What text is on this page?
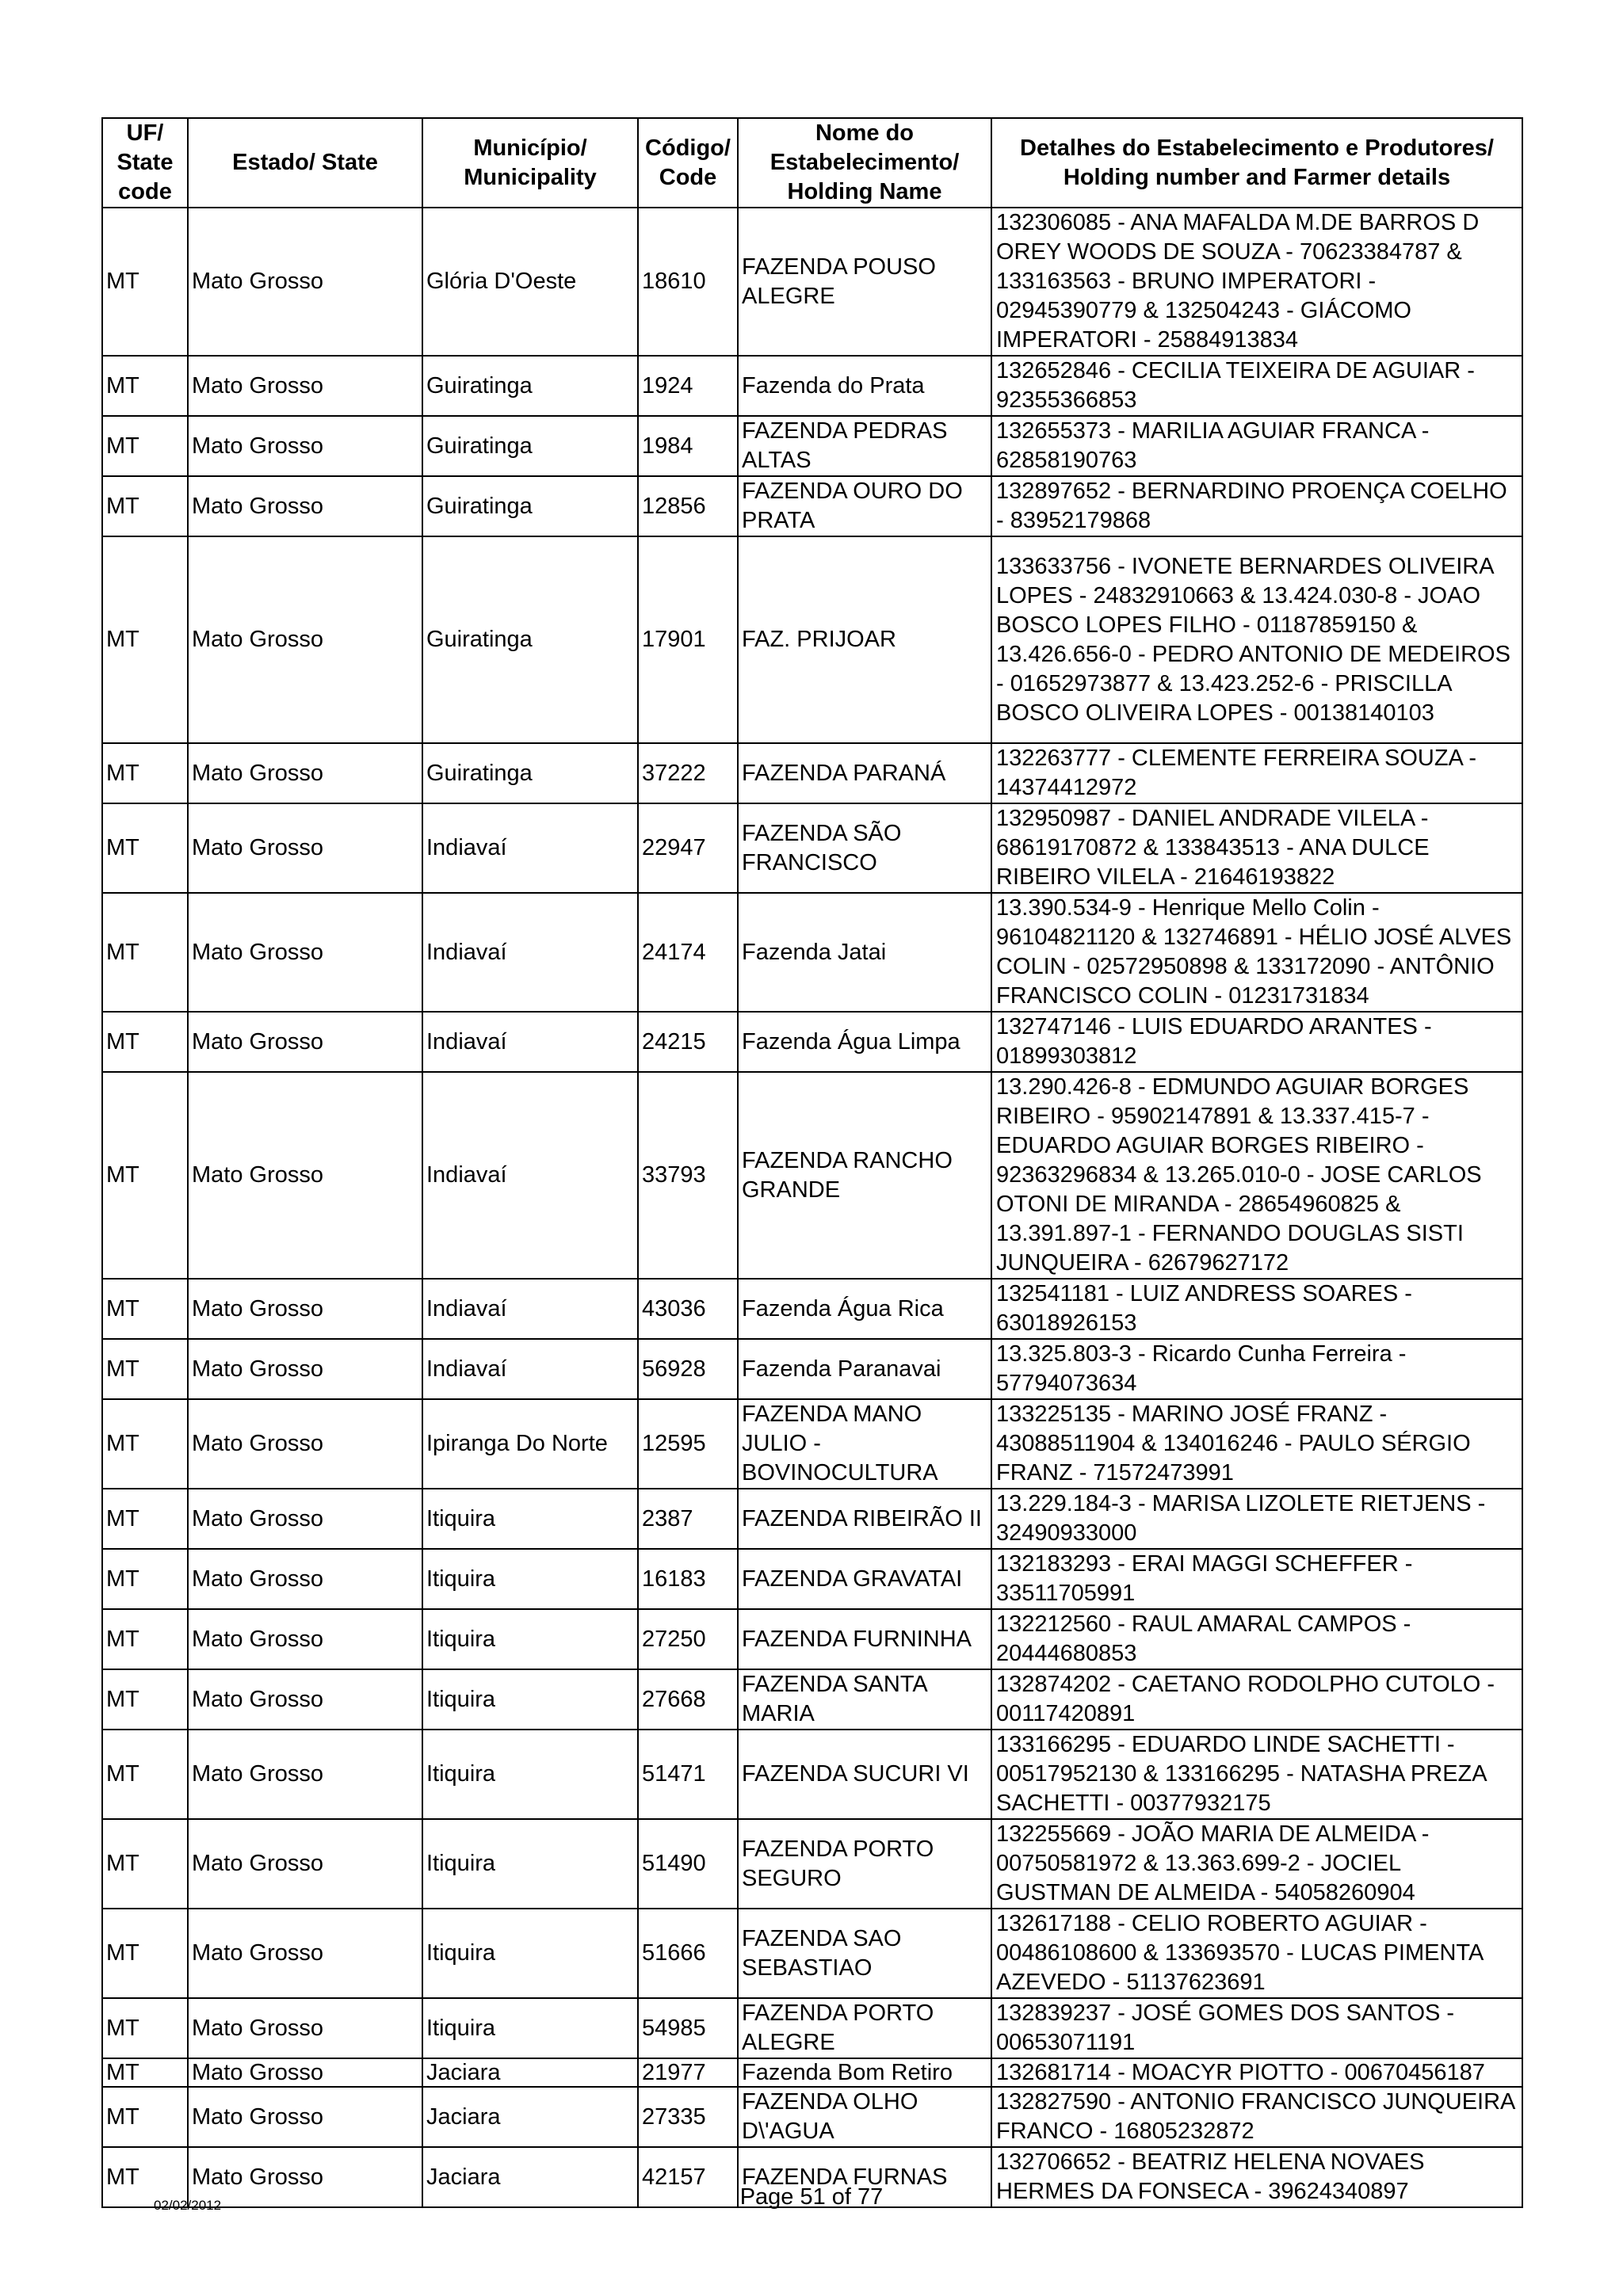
UF/ State code	Estado/ State	Município/ Municipality	Código/ Code	Nome do Estabelecimento/ Holding Name	Detalhes do Estabelecimento e Produtores/ Holding number and Farmer details
MT	Mato Grosso	Glória D'Oeste	18610	FAZENDA POUSO ALEGRE	132306085 - ANA MAFALDA M.DE BARROS D OREY WOODS DE SOUZA - 70623384787 & 133163563 - BRUNO IMPERATORI - 02945390779 & 132504243 - GIÁCOMO IMPERATORI - 25884913834
MT	Mato Grosso	Guiratinga	1924	Fazenda do Prata	132652846 - CECILIA TEIXEIRA DE AGUIAR - 92355366853
MT	Mato Grosso	Guiratinga	1984	FAZENDA PEDRAS ALTAS	132655373 - MARILIA AGUIAR FRANCA - 62858190763
MT	Mato Grosso	Guiratinga	12856	FAZENDA OURO DO PRATA	132897652 - BERNARDINO PROENÇA COELHO - 83952179868
MT	Mato Grosso	Guiratinga	17901	FAZ. PRIJOAR	133633756 - IVONETE BERNARDES OLIVEIRA LOPES - 24832910663 & 13.424.030-8 - JOAO BOSCO LOPES FILHO - 01187859150 & 13.426.656-0 - PEDRO ANTONIO DE MEDEIROS - 01652973877 & 13.423.252-6 - PRISCILLA BOSCO OLIVEIRA LOPES - 00138140103
MT	Mato Grosso	Guiratinga	37222	FAZENDA PARANÁ	132263777 - CLEMENTE FERREIRA SOUZA - 14374412972
MT	Mato Grosso	Indiavaí	22947	FAZENDA SÃO FRANCISCO	132950987 - DANIEL ANDRADE VILELA - 68619170872 & 133843513 - ANA DULCE RIBEIRO VILELA - 21646193822
MT	Mato Grosso	Indiavaí	24174	Fazenda Jatai	13.390.534-9 - Henrique Mello Colin - 96104821120 & 132746891 - HÉLIO JOSÉ ALVES COLIN - 02572950898 & 133172090 - ANTÔNIO FRANCISCO COLIN - 01231731834
MT	Mato Grosso	Indiavaí	24215	Fazenda Água Limpa	132747146 - LUIS EDUARDO ARANTES - 01899303812
MT	Mato Grosso	Indiavaí	33793	FAZENDA RANCHO GRANDE	13.290.426-8 - EDMUNDO AGUIAR BORGES RIBEIRO - 95902147891 & 13.337.415-7 - EDUARDO AGUIAR BORGES RIBEIRO - 92363296834 & 13.265.010-0 - JOSE CARLOS OTONI DE MIRANDA - 28654960825 & 13.391.897-1 - FERNANDO DOUGLAS SISTI JUNQUEIRA - 62679627172
MT	Mato Grosso	Indiavaí	43036	Fazenda Água Rica	132541181 - LUIZ ANDRESS SOARES - 63018926153
MT	Mato Grosso	Indiavaí	56928	Fazenda Paranavai	13.325.803-3 - Ricardo Cunha Ferreira - 57794073634
MT	Mato Grosso	Ipiranga Do Norte	12595	FAZENDA MANO JULIO - BOVINOCULTURA	133225135 - MARINO JOSÉ FRANZ - 43088511904 & 134016246 - PAULO SÉRGIO FRANZ - 71572473991
MT	Mato Grosso	Itiquira	2387	FAZENDA RIBEIRÃO II	13.229.184-3 - MARISA LIZOLETE RIETJENS - 32490933000
MT	Mato Grosso	Itiquira	16183	FAZENDA GRAVATAI	132183293 - ERAI MAGGI SCHEFFER - 33511705991
MT	Mato Grosso	Itiquira	27250	FAZENDA FURNINHA	132212560 - RAUL AMARAL CAMPOS - 20444680853
MT	Mato Grosso	Itiquira	27668	FAZENDA SANTA MARIA	132874202 - CAETANO RODOLPHO CUTOLO - 00117420891
MT	Mato Grosso	Itiquira	51471	FAZENDA SUCURI VI	133166295 - EDUARDO LINDE SACHETTI - 00517952130 & 133166295 - NATASHA PREZA SACHETTI - 00377932175
MT	Mato Grosso	Itiquira	51490	FAZENDA PORTO SEGURO	132255669 - JOÃO MARIA DE ALMEIDA - 00750581972 & 13.363.699-2 - JOCIEL GUSTMAN DE ALMEIDA - 54058260904
MT	Mato Grosso	Itiquira	51666	FAZENDA SAO SEBASTIAO	132617188 - CELIO ROBERTO AGUIAR - 00486108600 & 133693570 - LUCAS PIMENTA AZEVEDO - 51137623691
MT	Mato Grosso	Itiquira	54985	FAZENDA PORTO ALEGRE	132839237 - JOSÉ GOMES DOS SANTOS - 00653071191
MT	Mato Grosso	Jaciara	21977	Fazenda Bom Retiro	132681714 - MOACYR PIOTTO - 00670456187
MT	Mato Grosso	Jaciara	27335	FAZENDA OLHO D\'AGUA	132827590 - ANTONIO FRANCISCO JUNQUEIRA FRANCO - 16805232872
MT	Mato Grosso	Jaciara	42157	FAZENDA FURNAS	132706652 - BEATRIZ HELENA NOVAES HERMES DA FONSECA - 39624340897
02/02/2012	Page 51 of 77
